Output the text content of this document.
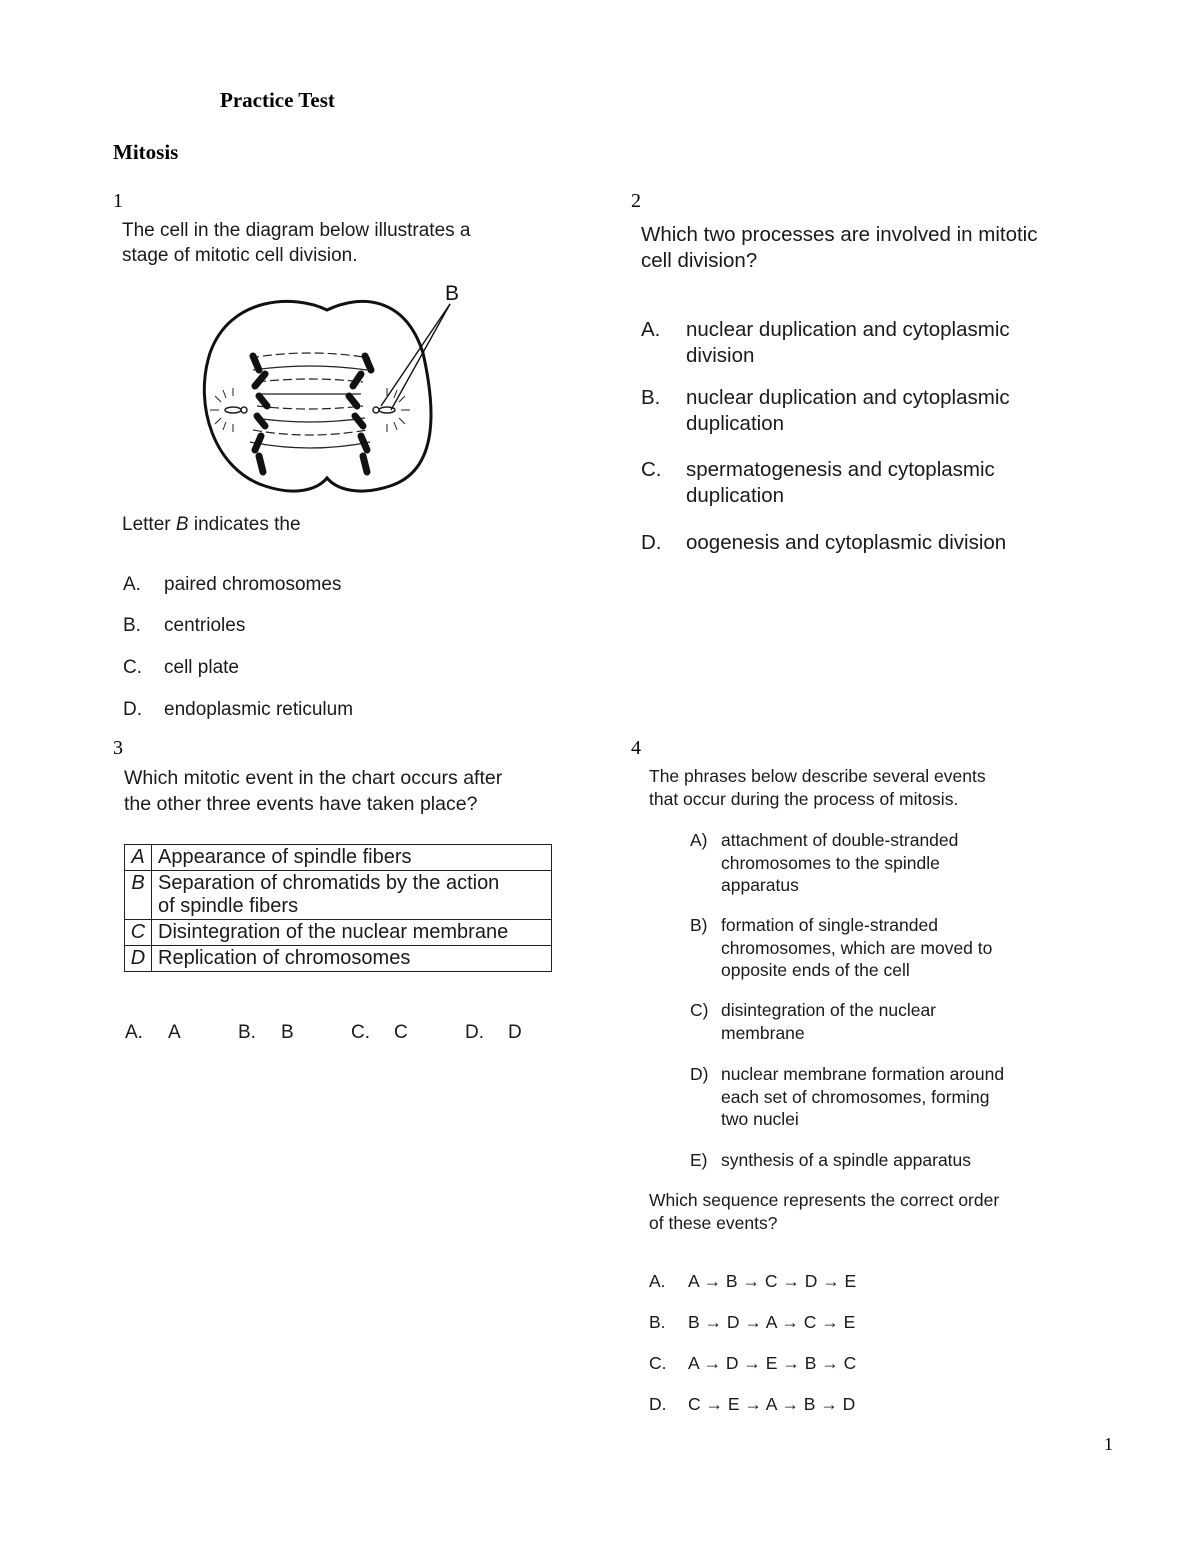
Practice Test
Mitosis
1
The cell in the diagram below illustrates a
stage of mitotic cell division.
B
Letter B indicates the
A. paired chromosomes
B. centrioles
C. cell plate
D. endoplasmic reticulum
2
Which two processes are involved in mitotic
cell division?
A. nuclear duplication and cytoplasmic
division
B. nuclear duplication and cytoplasmic
duplication
C. spermatogenesis and cytoplasmic
duplication
D. oogenesis and cytoplasmic division
3
Which mitotic event in the chart occurs after
the other three events have taken place?
A	Appearance of spindle fibers

B	Separation of chromatids by the action
of spindle fibers

C	Disintegration of the nuclear membrane

D	Replication of chromosomes
A. A	B. B	C. C	D. D
4
The phrases below describe several events
that occur during the process of mitosis.
A) attachment of double-stranded
chromosomes to the spindle
apparatus
B) formation of single-stranded
chromosomes, which are moved to
opposite ends of the cell
C) disintegration of the nuclear
membrane
D) nuclear membrane formation around
each set of chromosomes, forming
two nuclei
E) synthesis of a spindle apparatus
Which sequence represents the correct order
of these events?
A. A → B → C → D → E
B. B → D → A → C → E
C. A → D → E → B → C
D. C → E → A → B → D
1
